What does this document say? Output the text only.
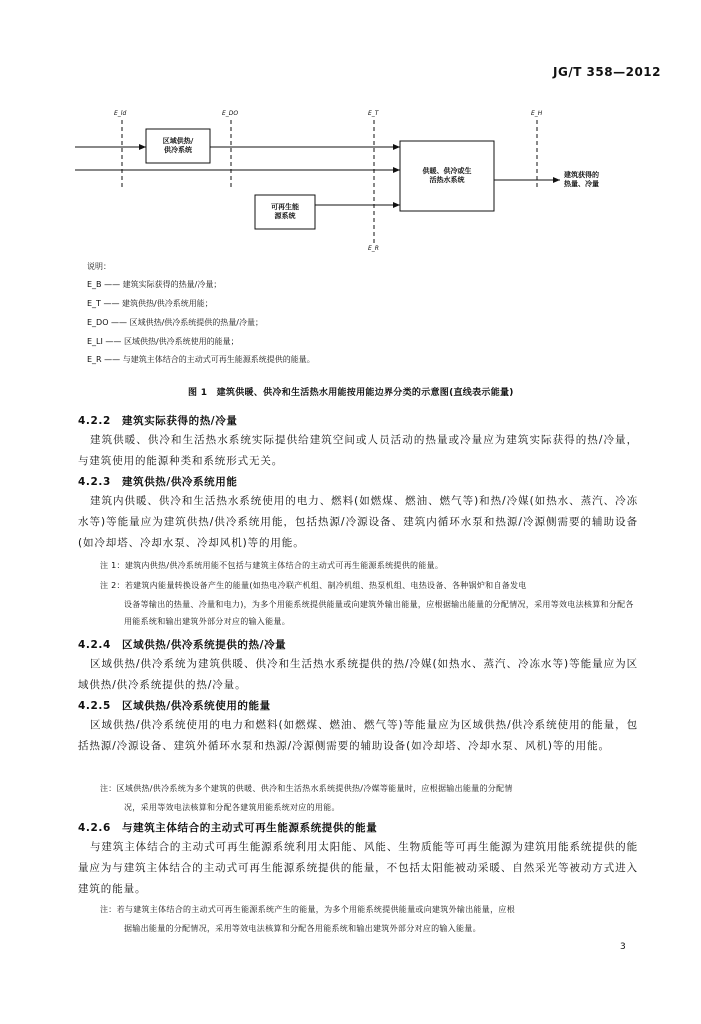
JG/T 358—2012
区域供热/
供冷系统
供暖、供冷或生
活热水系统
可再生能
源系统
建筑获得的
热量、冷量
E_ld	E_DO	E_T	E_H
E_R
说明：
E_B —— 建筑实际获得的热量/冷量；
E_T —— 建筑供热/供冷系统用能；
E_DO —— 区域供热/供冷系统提供的热量/冷量；
E_LI —— 区域供热/供冷系统使用的能量；
E_R —— 与建筑主体结合的主动式可再生能源系统提供的能量。
图 1　建筑供暖、供冷和生活热水用能按用能边界分类的示意图(直线表示能量)
4.2.2　建筑实际获得的热/冷量
建筑供暖、供冷和生活热水系统实际提供给建筑空间或人员活动的热量或冷量应为建筑实际获得的热/冷量，与建筑使用的能源种类和系统形式无关。
4.2.3　建筑供热/供冷系统用能
建筑内供暖、供冷和生活热水系统使用的电力、燃料(如燃煤、燃油、燃气等)和热/冷媒(如热水、蒸汽、冷冻水等)等能量应为建筑供热/供冷系统用能，包括热源/冷源设备、建筑内循环水泵和热源/冷源侧需要的辅助设备(如冷却塔、冷却水泵、冷却风机)等的用能。
注 1：建筑内供热/供冷系统用能不包括与建筑主体结合的主动式可再生能源系统提供的能量。
注 2：若建筑内能量转换设备产生的能量(如热电冷联产机组、制冷机组、热泵机组、电热设备、各种锅炉和自备发电
设备等输出的热量、冷量和电力)，为多个用能系统提供能量或向建筑外输出能量，应根据输出能量的分配情况，采用等效电法核算和分配各用能系统和输出建筑外部分对应的输入能量。
4.2.4　区域供热/供冷系统提供的热/冷量
区域供热/供冷系统为建筑供暖、供冷和生活热水系统提供的热/冷媒(如热水、蒸汽、冷冻水等)等能量应为区域供热/供冷系统提供的热/冷量。
4.2.5　区域供热/供冷系统使用的能量
区域供热/供冷系统使用的电力和燃料(如燃煤、燃油、燃气等)等能量应为区域供热/供冷系统使用的能量，包括热源/冷源设备、建筑外循环水泵和热源/冷源侧需要的辅助设备(如冷却塔、冷却水泵、风机)等的用能。
注：区域供热/供冷系统为多个建筑的供暖、供冷和生活热水系统提供热/冷媒等能量时，应根据输出能量的分配情
况，采用等效电法核算和分配各建筑用能系统对应的用能。
4.2.6　与建筑主体结合的主动式可再生能源系统提供的能量
与建筑主体结合的主动式可再生能源系统利用太阳能、风能、生物质能等可再生能源为建筑用能系统提供的能量应为与建筑主体结合的主动式可再生能源系统提供的能量，不包括太阳能被动采暖、自然采光等被动方式进入建筑的能量。
注：若与建筑主体结合的主动式可再生能源系统产生的能量，为多个用能系统提供能量或向建筑外输出能量，应根
据输出能量的分配情况，采用等效电法核算和分配各用能系统和输出建筑外部分对应的输入能量。
3
